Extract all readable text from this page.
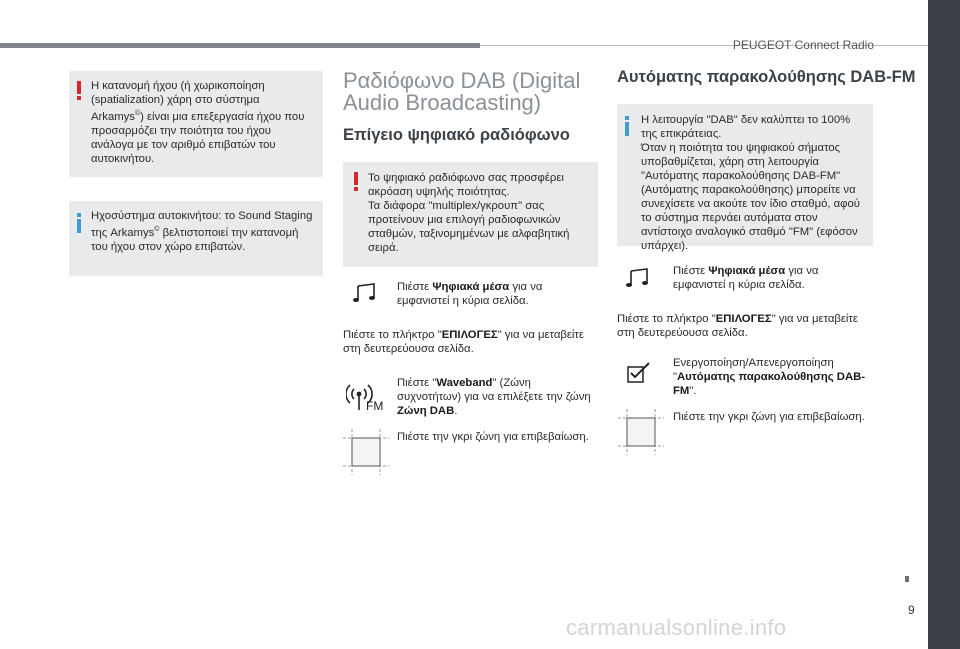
PEUGEOT Connect Radio
9
carmanualsonline.info
Η κατανομή ήχου (ή χωρικοποίηση (spatialization) χάρη στο σύστημα Arkamys©) είναι μια επεξεργασία ήχου που προσαρμόζει την ποιότητα του ήχου ανάλογα με τον αριθμό επιβατών του αυτοκινήτου.
Ηχοσύστημα αυτοκινήτου: το Sound Staging της Arkamys© βελτιστοποιεί την κατανομή του ήχου στον χώρο επιβατών.
Ραδιόφωνο DAB (Digital Audio Broadcasting)
Επίγειο ψηφιακό ραδιόφωνο
Το ψηφιακό ραδιόφωνο σας προσφέρει ακρόαση υψηλής ποιότητας.
Τα διάφορα "multiplex/γκρουπ" σας προτείνουν μια επιλογή ραδιοφωνικών σταθμών, ταξινομημένων με αλφαβητική σειρά.
Πιέστε Ψηφιακά μέσα για να εμφανιστεί η κύρια σελίδα.
Πιέστε το πλήκτρο "ΕΠΙΛΟΓΕΣ" για να μεταβείτε στη δευτερεύουσα σελίδα.
FM
Πιέστε "Waveband" (Ζώνη συχνοτήτων) για να επιλέξετε την ζώνη Ζώνη DAB.
Πιέστε την γκρι ζώνη για επιβεβαίωση.
Αυτόματης παρακολούθησης DAB-FM
Η λειτουργία "DAB" δεν καλύπτει το 100% της επικράτειας.
Όταν η ποιότητα του ψηφιακού σήματος υποβαθμίζεται, χάρη στη λειτουργία "Αυτόματης παρακολούθησης DAB-FM" (Αυτόματης παρακολούθησης) μπορείτε να συνεχίσετε να ακούτε τον ίδιο σταθμό, αφού το σύστημα περνάει αυτόματα στον αντίστοιχο αναλογικό σταθμό "FM" (εφόσον υπάρχει).
Πιέστε Ψηφιακά μέσα για να εμφανιστεί η κύρια σελίδα.
Πιέστε το πλήκτρο "ΕΠΙΛΟΓΕΣ" για να μεταβείτε στη δευτερεύουσα σελίδα.
Ενεργοποίηση/Απενεργοποίηση "Αυτόματης παρακολούθησης DAB-FM".
Πιέστε την γκρι ζώνη για επιβεβαίωση.
